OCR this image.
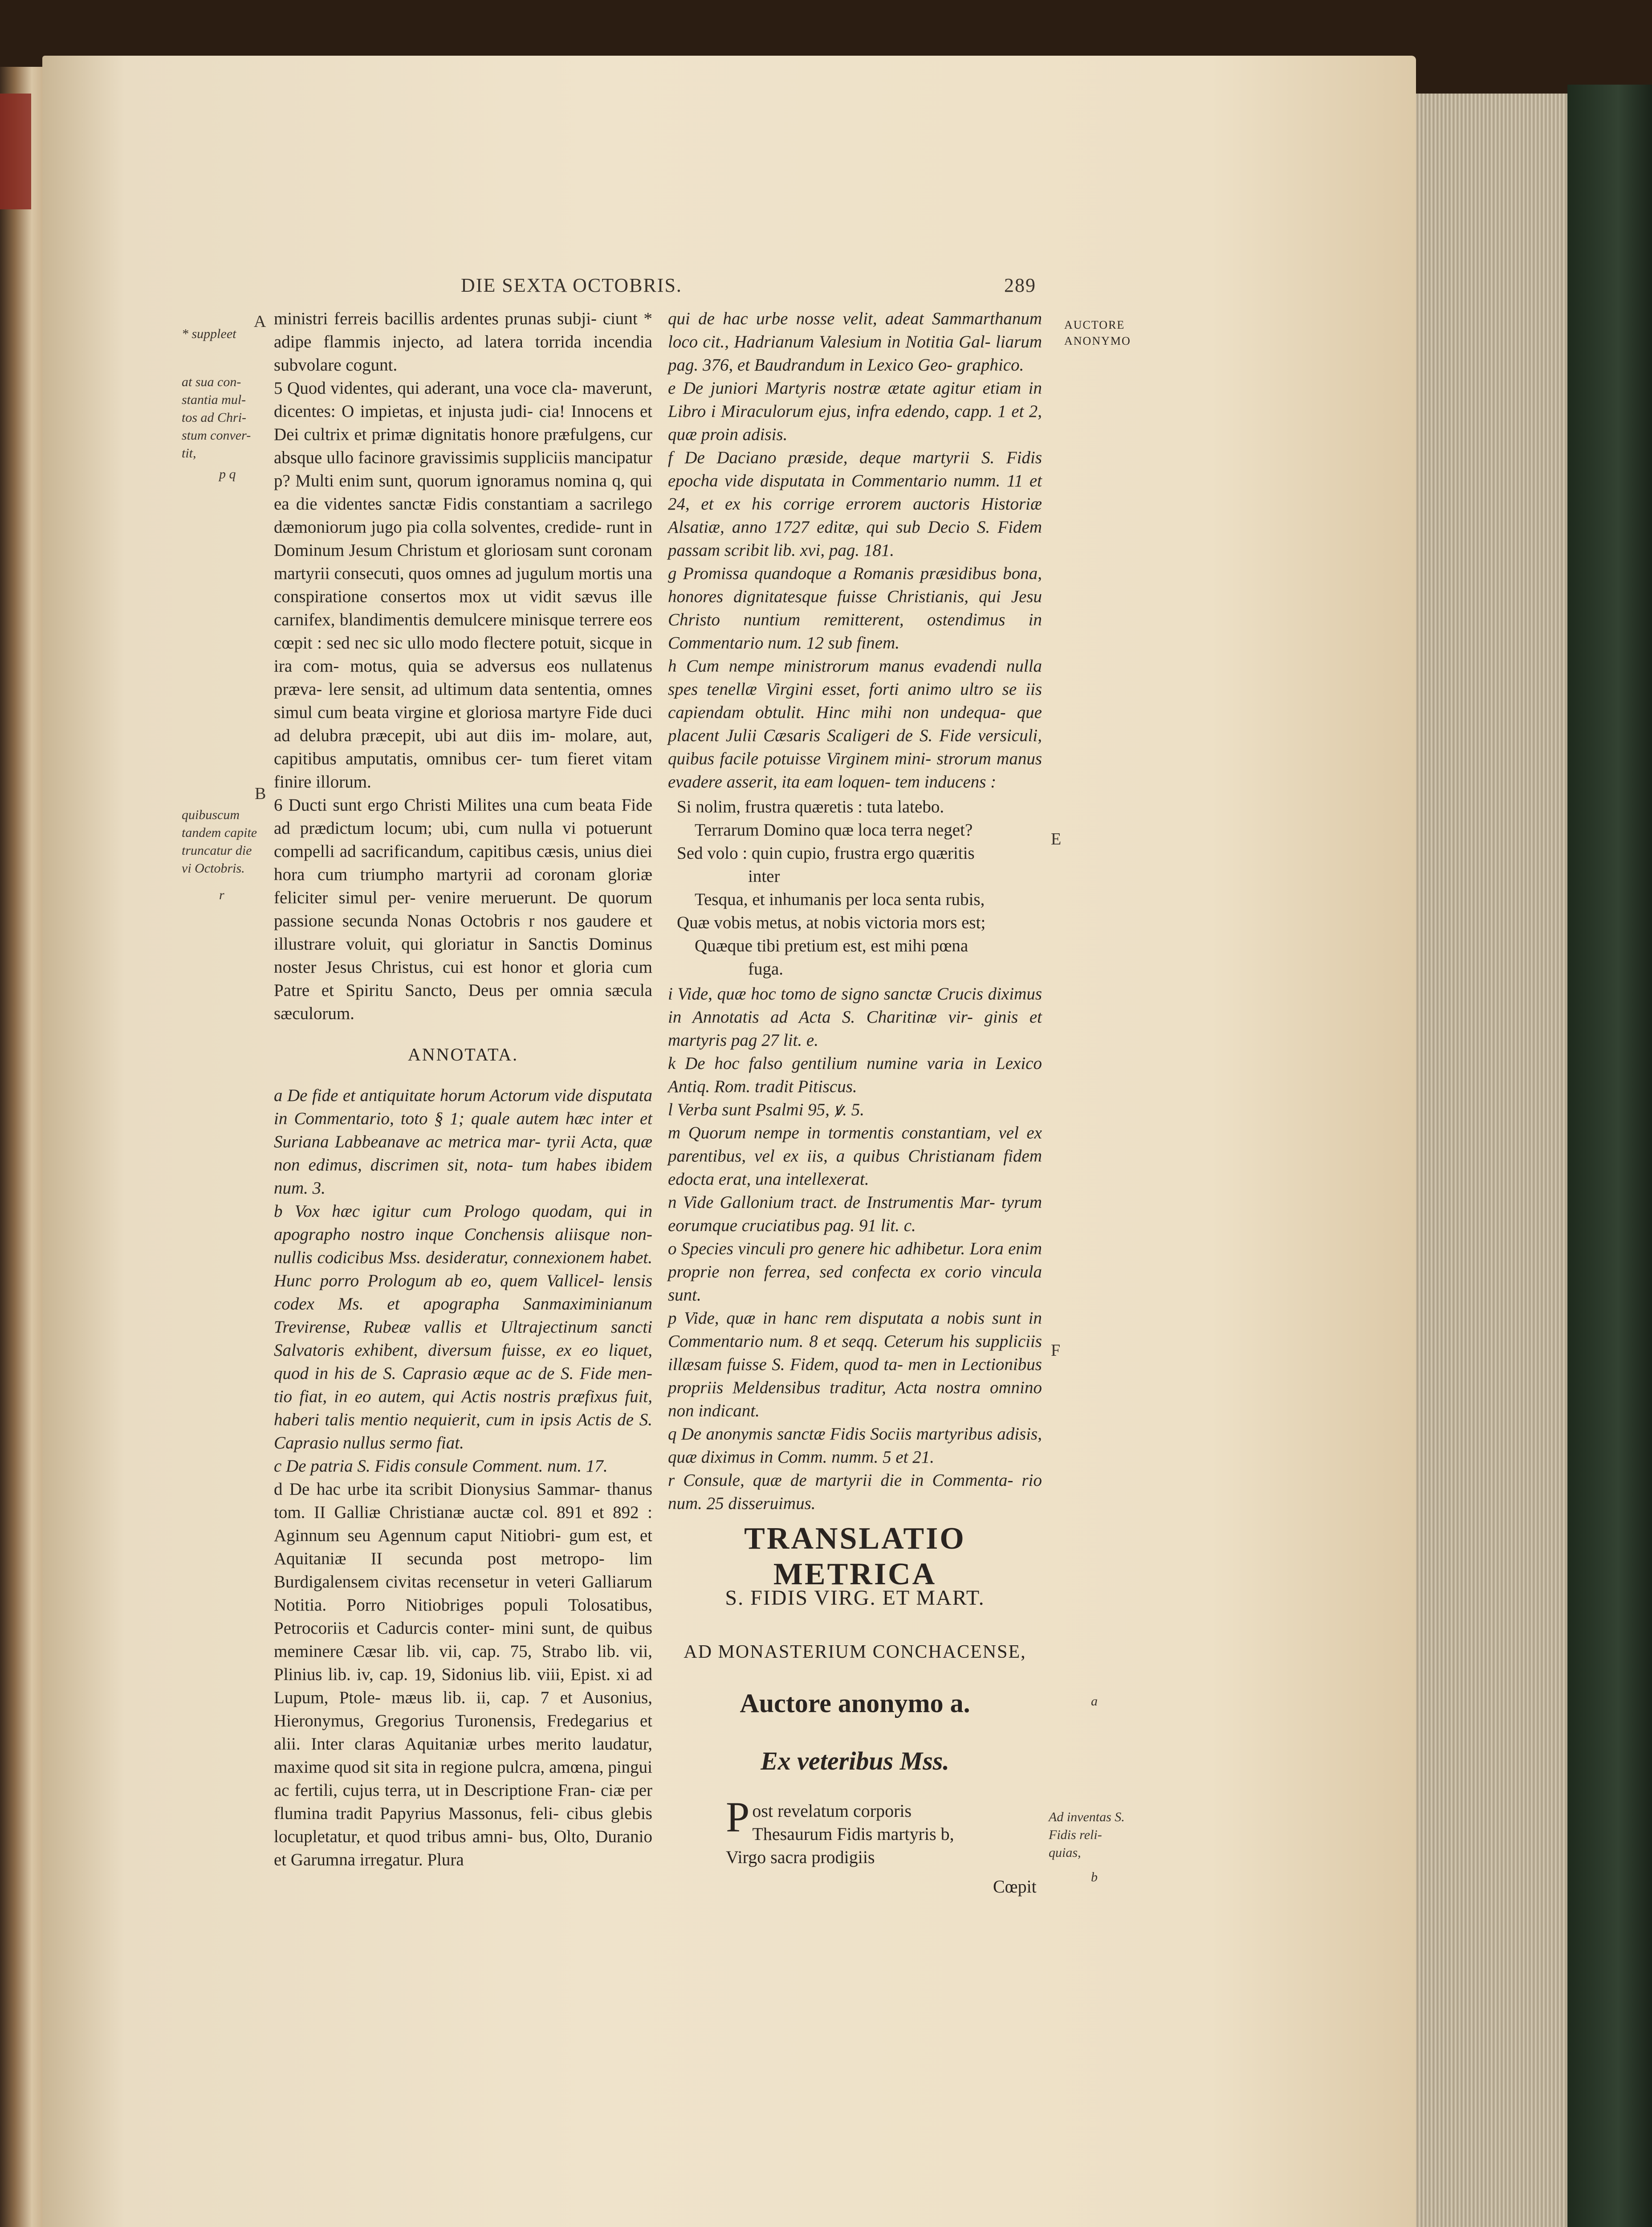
DIE SEXTA OCTOBRIS.	289
A
* suppleet
at sua con- stantia mul- tos ad Chri- stum conver- tit,
p q
B
quibuscum tandem capite truncatur die vi Octobris.
r

ministri ferreis bacillis ardentes prunas subji- ciunt * adipe flammis injecto, ad latera torrida incendia subvolare cogunt.

5 Quod videntes, qui aderant, una voce cla- maverunt, dicentes: O impietas, et injusta judi- cia! Innocens et Dei cultrix et primæ dignitatis honore præfulgens, cur absque ullo facinore gravissimis suppliciis mancipatur p? Multi enim sunt, quorum ignoramus nomina q, qui ea die videntes sanctæ Fidis constantiam a sacrilego dæmoniorum jugo pia colla solventes, credide- runt in Dominum Jesum Christum et gloriosam sunt coronam martyrii consecuti, quos omnes ad jugulum mortis una conspiratione consertos mox ut vidit sævus ille carnifex, blandimentis demulcere minisque terrere eos cœpit : sed nec sic ullo modo flectere potuit, sicque in ira com- motus, quia se adversus eos nullatenus præva- lere sensit, ad ultimum data sententia, omnes simul cum beata virgine et gloriosa martyre Fide duci ad delubra præcepit, ubi aut diis im- molare, aut, capitibus amputatis, omnibus cer- tum fieret vitam finire illorum.

6 Ducti sunt ergo Christi Milites una cum beata Fide ad prædictum locum; ubi, cum nulla vi potuerunt compelli ad sacrificandum, capitibus cæsis, unius diei hora cum triumpho martyrii ad coronam gloriæ feliciter simul per- venire meruerunt. De quorum passione secunda Nonas Octobris r nos gaudere et illustrare voluit, qui gloriatur in Sanctis Dominus noster Jesus Christus, cui est honor et gloria cum Patre et Spiritu Sancto, Deus per omnia sæcula sæculorum.

ANNOTATA.

a De fide et antiquitate horum Actorum vide disputata in Commentario, toto § 1; quale autem hæc inter et Suriana Labbeanave ac metrica mar- tyrii Acta, quæ non edimus, discrimen sit, nota- tum habes ibidem num. 3.

b Vox hæc igitur cum Prologo quodam, qui in apographo nostro inque Conchensis aliisque non- nullis codicibus Mss. desideratur, connexionem habet. Hunc porro Prologum ab eo, quem Vallicel- lensis codex Ms. et apographa Sanmaximinianum Trevirense, Rubeæ vallis et Ultrajectinum sancti Salvatoris exhibent, diversum fuisse, ex eo liquet, quod in his de S. Caprasio æque ac de S. Fide men- tio fiat, in eo autem, qui Actis nostris præfixus fuit, haberi talis mentio nequierit, cum in ipsis Actis de S. Caprasio nullus sermo fiat.

c De patria S. Fidis consule Comment. num. 17.

d De hac urbe ita scribit Dionysius Sammar- thanus tom. II Galliæ Christianæ auctæ col. 891 et 892 : Aginnum seu Agennum caput Nitiobri- gum est, et Aquitaniæ II secunda post metropo- lim Burdigalensem civitas recensetur in veteri Galliarum Notitia. Porro Nitiobriges populi Tolosatibus, Petrocoriis et Cadurcis conter- mini sunt, de quibus meminere Cæsar lib. vii, cap. 75, Strabo lib. vii, Plinius lib. iv, cap. 19, Sidonius lib. viii, Epist. xi ad Lupum, Ptole- mæus lib. ii, cap. 7 et Ausonius, Hieronymus, Gregorius Turonensis, Fredegarius et alii. Inter claras Aquitaniæ urbes merito laudatur, maxime quod sit sita in regione pulcra, amœna, pingui ac fertili, cujus terra, ut in Descriptione Fran- ciæ per flumina tradit Papyrius Massonus, feli- cibus glebis locupletatur, et quod tribus amni- bus, Olto, Duranio et Garumna irregatur. Plura

qui de hac urbe nosse velit, adeat Sammarthanum loco cit., Hadrianum Valesium in Notitia Gal- liarum pag. 376, et Baudrandum in Lexico Geo- graphico.

e De juniori Martyris nostræ ætate agitur etiam in Libro i Miraculorum ejus, infra edendo, capp. 1 et 2, quæ proin adisis.

f De Daciano præside, deque martyrii S. Fidis epocha vide disputata in Commentario numm. 11 et 24, et ex his corrige errorem auctoris Historiæ Alsatiæ, anno 1727 editæ, qui sub Decio S. Fidem passam scribit lib. xvi, pag. 181.

g Promissa quandoque a Romanis præsidibus bona, honores dignitatesque fuisse Christianis, qui Jesu Christo nuntium remitterent, ostendimus in Commentario num. 12 sub finem.

h Cum nempe ministrorum manus evadendi nulla spes tenellæ Virgini esset, forti animo ultro se iis capiendam obtulit. Hinc mihi non undequa- que placent Julii Cæsaris Scaligeri de S. Fide versiculi, quibus facile potuisse Virginem mini- strorum manus evadere asserit, ita eam loquen- tem inducens :

Si nolim, frustra quæretis : tuta latebo.
Terrarum Domino quæ loca terra neget?
Sed volo : quin cupio, frustra ergo quæritis
inter
Tesqua, et inhumanis per loca senta rubis,
Quæ vobis metus, at nobis victoria mors est;
Quæque tibi pretium est, est mihi pœna
fuga.

i Vide, quæ hoc tomo de signo sanctæ Crucis diximus in Annotatis ad Acta S. Charitinæ vir- ginis et martyris pag 27 lit. e.

k De hoc falso gentilium numine varia in Lexico Antiq. Rom. tradit Pitiscus.

l Verba sunt Psalmi 95, ꝟ. 5.

m Quorum nempe in tormentis constantiam, vel ex parentibus, vel ex iis, a quibus Christianam fidem edocta erat, una intellexerat.

n Vide Gallonium tract. de Instrumentis Mar- tyrum eorumque cruciatibus pag. 91 lit. c.

o Species vinculi pro genere hic adhibetur. Lora enim proprie non ferrea, sed confecta ex corio vincula sunt.

p Vide, quæ in hanc rem disputata a nobis sunt in Commentario num. 8 et seqq. Ceterum his suppliciis illæsam fuisse S. Fidem, quod ta- men in Lectionibus propriis Meldensibus traditur, Acta nostra omnino non indicant.

q De anonymis sanctæ Fidis Sociis martyribus adisis, quæ diximus in Comm. numm. 5 et 21.

r Consule, quæ de martyrii die in Commenta- rio num. 25 disseruimus.

TRANSLATIO METRICA
S. FIDIS VIRG. ET MART.
AD MONASTERIUM CONCHACENSE,
Auctore anonymo a.
Ex veteribus Mss.
P ost revelatum corporis
Thesaurum Fidis martyris b,
Virgo sacra prodigiis
Cœpit
AUCTORE ANONYMO
E
F
a
Ad inventas S. Fidis reli- quias,
b
